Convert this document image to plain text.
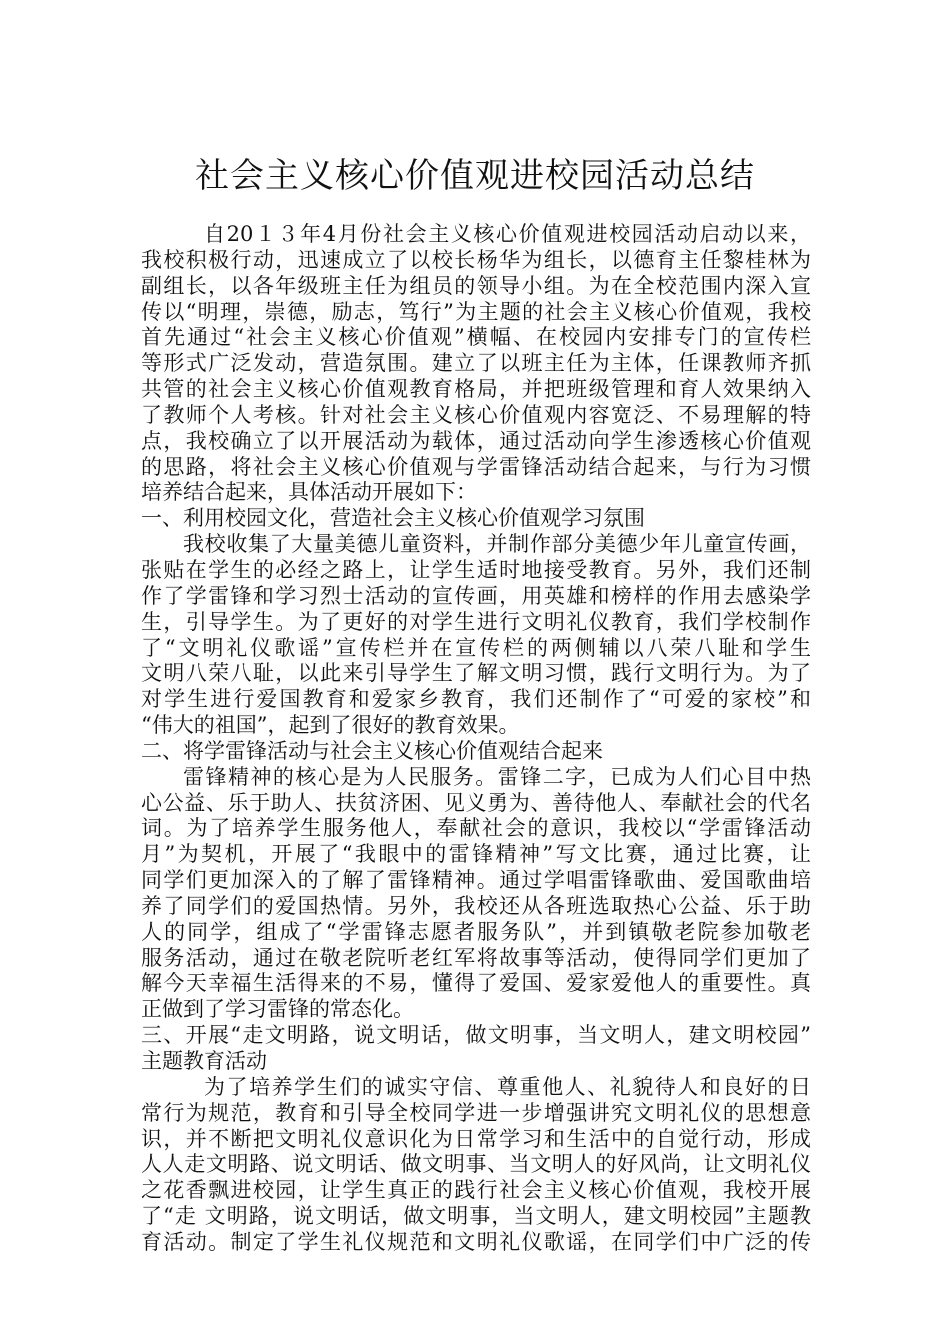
社会主义核心价值观进校园活动总结
自20１３年4月份社会主义核心价值观进校园活动启动以来，
我校积极行动，迅速成立了以校长杨华为组长，以德育主任黎桂林为
副组长，以各年级班主任为组员的领导小组。为在全校范围内深入宣
传以“明理，崇德，励志，笃行”为主题的社会主义核心价值观，我校
首先通过“社会主义核心价值观”横幅、在校园内安排专门的宣传栏
等形式广泛发动，营造氛围。建立了以班主任为主体，任课教师齐抓
共管的社会主义核心价值观教育格局，并把班级管理和育人效果纳入
了教师个人考核。针对社会主义核心价值观内容宽泛、不易理解的特
点，我校确立了以开展活动为载体，通过活动向学生渗透核心价值观
的思路，将社会主义核心价值观与学雷锋活动结合起来，与行为习惯
培养结合起来，具体活动开展如下：
一、利用校园文化，营造社会主义核心价值观学习氛围
我校收集了大量美德儿童资料，并制作部分美德少年儿童宣传画，
张贴在学生的必经之路上，让学生适时地接受教育。另外，我们还制
作了学雷锋和学习烈士活动的宣传画，用英雄和榜样的作用去感染学
生，引导学生。为了更好的对学生进行文明礼仪教育，我们学校制作
了“文明礼仪歌谣”宣传栏并在宣传栏的两侧辅以八荣八耻和学生
文明八荣八耻，以此来引导学生了解文明习惯，践行文明行为。为了
对学生进行爱国教育和爱家乡教育，我们还制作了“可爱的家校”和
“伟大的祖国”，起到了很好的教育效果。
二、将学雷锋活动与社会主义核心价值观结合起来
雷锋精神的核心是为人民服务。雷锋二字，已成为人们心目中热
心公益、乐于助人、扶贫济困、见义勇为、善待他人、奉献社会的代名
词。为了培养学生服务他人，奉献社会的意识，我校以“学雷锋活动
月”为契机，开展了“我眼中的雷锋精神”写文比赛，通过比赛，让
同学们更加深入的了解了雷锋精神。通过学唱雷锋歌曲、爱国歌曲培
养了同学们的爱国热情。另外，我校还从各班选取热心公益、乐于助
人的同学，组成了“学雷锋志愿者服务队”，并到镇敬老院参加敬老
服务活动，通过在敬老院听老红军将故事等活动，使得同学们更加了
解今天幸福生活得来的不易，懂得了爱国、爱家爱他人的重要性。真
正做到了学习雷锋的常态化。
三、开展“走文明路，说文明话，做文明事，当文明人，建文明校园”
主题教育活动
为了培养学生们的诚实守信、尊重他人、礼貌待人和良好的日
常行为规范，教育和引导全校同学进一步增强讲究文明礼仪的思想意
识，并不断把文明礼仪意识化为日常学习和生活中的自觉行动，形成
人人走文明路、说文明话、做文明事、当文明人的好风尚，让文明礼仪
之花香飘进校园，让学生真正的践行社会主义核心价值观，我校开展
了“走 文明路，说文明话，做文明事，当文明人，建文明校园”主题教
育活动。制定了学生礼仪规范和文明礼仪歌谣，在同学们中广泛的传
